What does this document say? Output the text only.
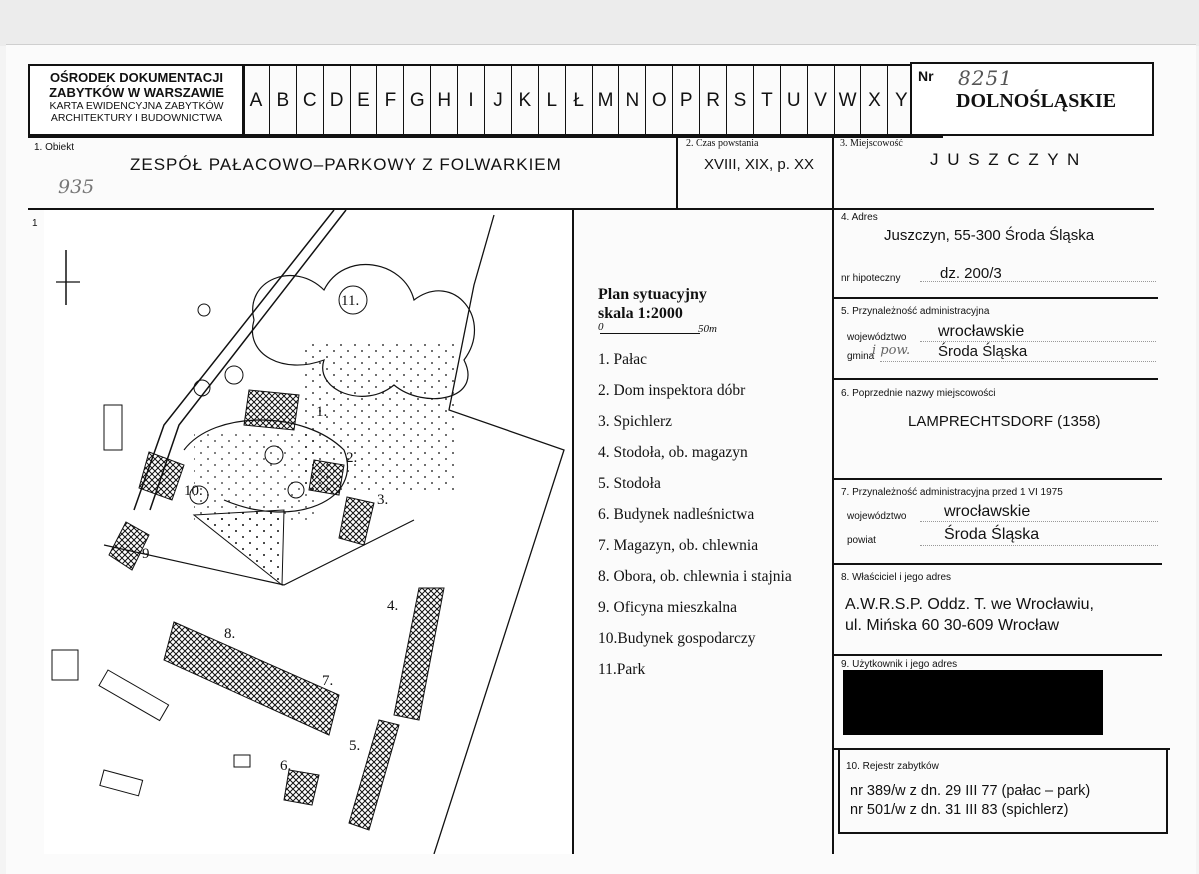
OŚRODEK DOKUMENTACJI
ZABYTKÓW W WARSZAWIE
KARTA EWIDENCYJNA ZABYTKÓW
ARCHITEKTURY I BUDOWNICTWA
A B C D E F G H I	J K L Ł M N O P R S T U V W X Y
Nr 8251
DOLNOŚLĄSKIE
1. Obiekt
ZESPÓŁ PAŁACOWO–PARKOWY Z FOLWARKIEM
935
2. Czas powstania
XVIII, XIX, p. XX
3. Miejscowość
J U S Z C Z Y N
1
1.
2.
3.
4.
5.
6.
7.
8.
9
10.
11.	Plan sytuacyjny
skala 1:2000
0	50m
1. Pałac
2. Dom inspektora dóbr
3. Spichlerz
4. Stodoła, ob. magazyn
5. Stodoła
6. Budynek nadleśnictwa
7. Magazyn, ob. chlewnia
8. Obora, ob. chlewnia i stajnia
9. Oficyna mieszkalna
10.Budynek gospodarczy
11.Park
4. Adres
Juszczyn, 55-300 Środa Śląska
nr hipoteczny	dz. 200/3
5. Przynależność administracyjna
województwo wrocławskie
gmina
i pow. Środa Śląska
6. Poprzednie nazwy miejscowości
LAMPRECHTSDORF (1358)
7. Przynależność administracyjna przed 1 VI 1975
województwo wrocławskie
powiat	Środa Śląska
8. Właściciel i jego adres
A.W.R.S.P. Oddz. T. we Wrocławiu,
ul. Mińska 60 30-609 Wrocław
9. Użytkownik i jego adres
10. Rejestr zabytków
nr 389/w z dn. 29 III 77 (pałac – park)
nr 501/w z dn. 31 III 83 (spichlerz)
